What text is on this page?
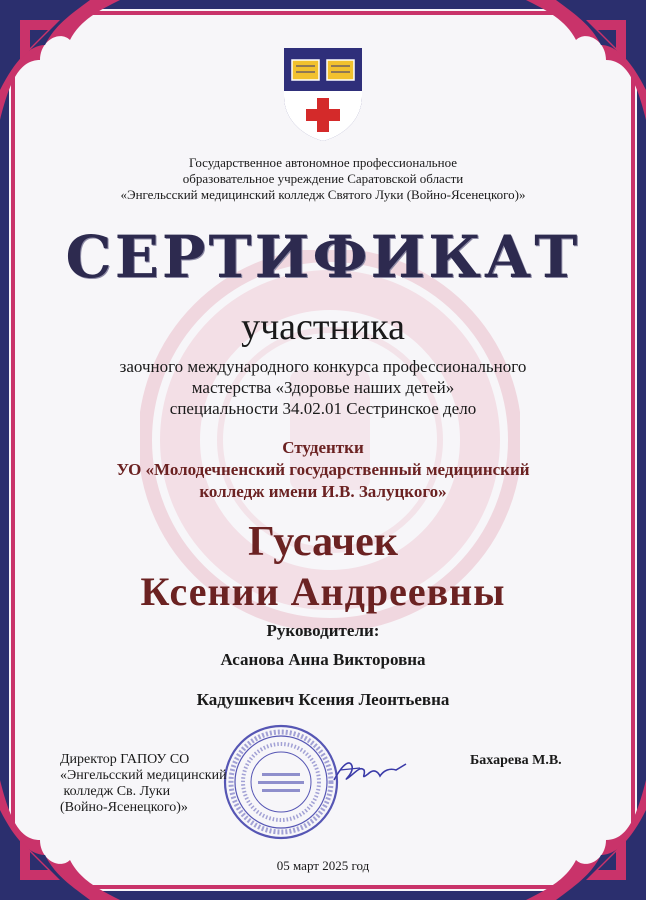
Государственное автономное профессиональное
образовательное учреждение Саратовской области
«Энгельсский медицинский колледж Святого Луки (Войно-Ясенецкого)»

СЕРТИФИКАТ

участника

заочного международного конкурса профессионального
мастерства «Здоровье наших детей»
специальности 34.02.01 Сестринское дело

Студентки

УО «Молодечненский государственный медицинский
колледж имени И.В. Залуцкого»

Гусачек

Ксении Андреевны

Руководители:

Асанова Анна Викторовна

Кадушкевич Ксения Леонтьевна

Директор ГАПОУ СО
«Энгельсский медицинский
колледж Св. Луки
(Войно-Ясенецкого)»

Бахарева М.В.

05 март 2025 год
